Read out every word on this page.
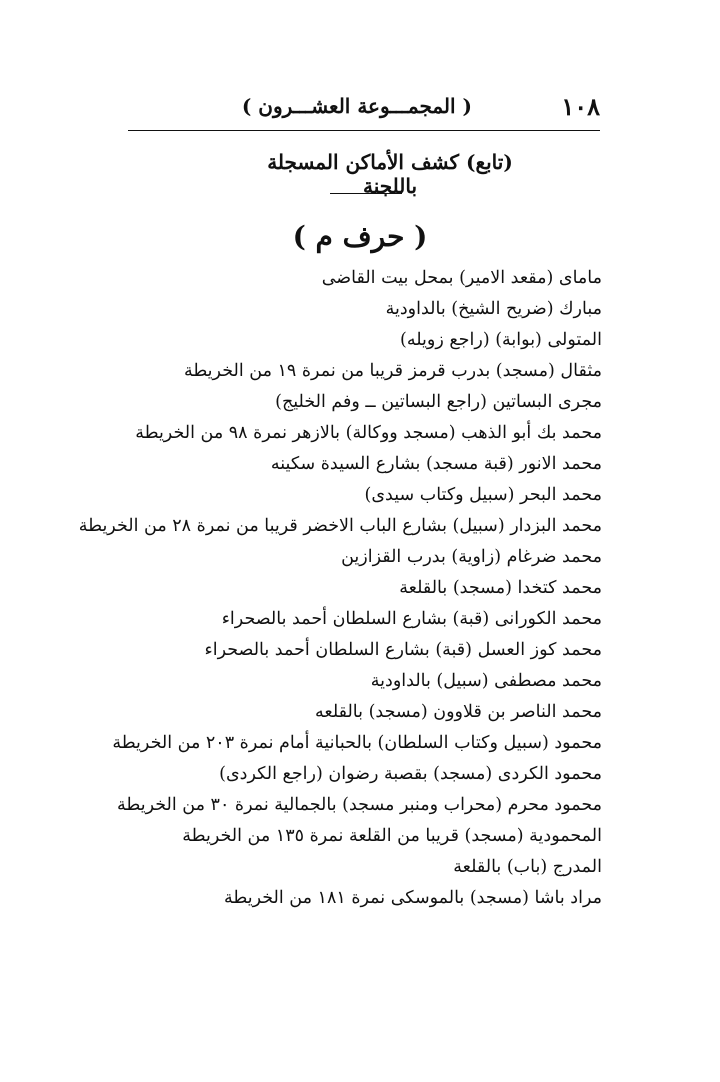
١٠٨
( المجمـــوعة العشـــرون )
(تابع) كشف الأماكن المسجلة باللجنة
( حرف م )
ماماى (مقعد الامير) بمحل بيت القاضى
مبارك (ضريح الشيخ) بالداودية
المتولى (بوابة) (راجع زويله)
مثقال (مسجد) بدرب قرمز قريبا من نمرة ١٩ من الخريطة
مجرى البساتين (راجع البساتين ــ وفم الخليج)
محمد بك أبو الذهب (مسجد ووكالة) بالازهر نمرة ٩٨ من الخريطة
محمد الانور (قبة مسجد) بشارع السيدة سكينه
محمد البحر (سبيل وكتاب سيدى)
محمد البزدار (سبيل) بشارع الباب الاخضر قريبا من نمرة ٢٨ من الخريطة
محمد ضرغام (زاوية) بدرب القزازين
محمد كتخدا (مسجد) بالقلعة
محمد الكورانى (قبة) بشارع السلطان أحمد بالصحراء
محمد كوز العسل (قبة) بشارع السلطان أحمد بالصحراء
محمد مصطفى (سبيل) بالداودية
محمد الناصر بن قلاوون (مسجد) بالقلعه
محمود (سبيل وكتاب السلطان) بالحبانية أمام نمرة ٢٠٣ من الخريطة
محمود الكردى (مسجد) بقصبة رضوان (راجع الكردى)
محمود محرم (محراب ومنبر مسجد) بالجمالية نمرة ٣٠ من الخريطة
المحمودية (مسجد) قريبا من القلعة نمرة ١٣٥ من الخريطة
المدرج (باب) بالقلعة
مراد باشا (مسجد) بالموسكى نمرة ١٨١ من الخريطة
